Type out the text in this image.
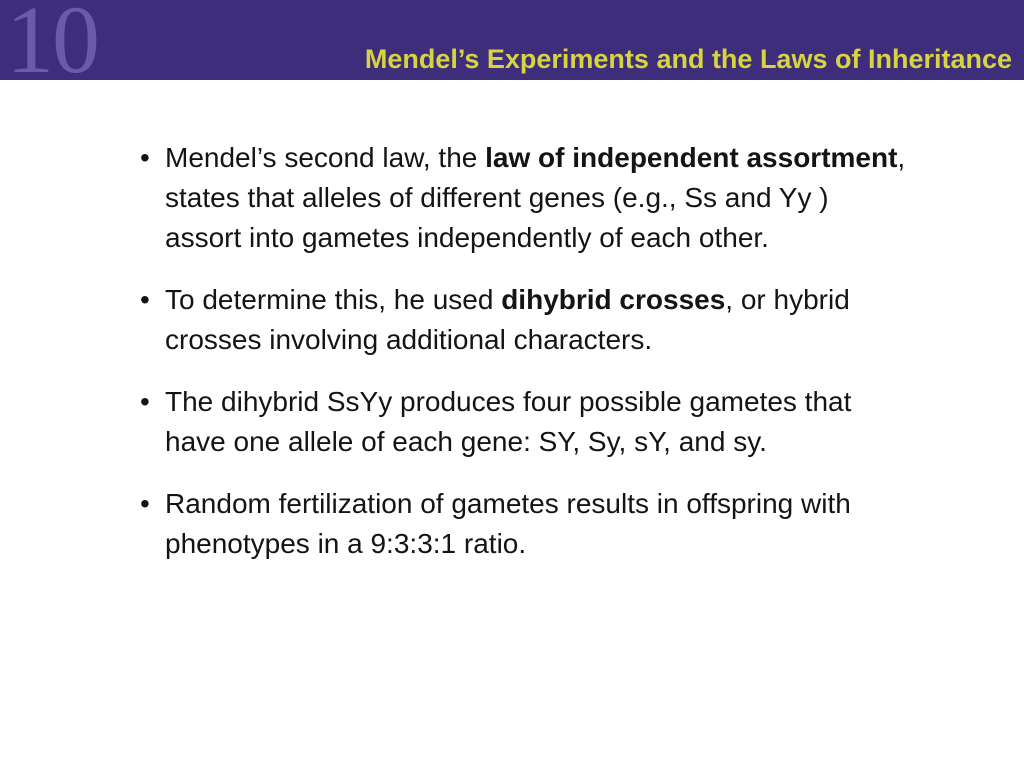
10	Mendel’s Experiments and the Laws of Inheritance
• Mendel’s second law, the law of independent assortment, states that alleles of different genes (e.g., Ss and Yy ) assort into gametes independently of each other.
• To determine this, he used dihybrid crosses, or hybrid crosses involving additional characters.
• The dihybrid SsYy produces four possible gametes that have one allele of each gene: SY, Sy, sY, and sy.
• Random fertilization of gametes results in offspring with phenotypes in a 9:3:3:1 ratio.
